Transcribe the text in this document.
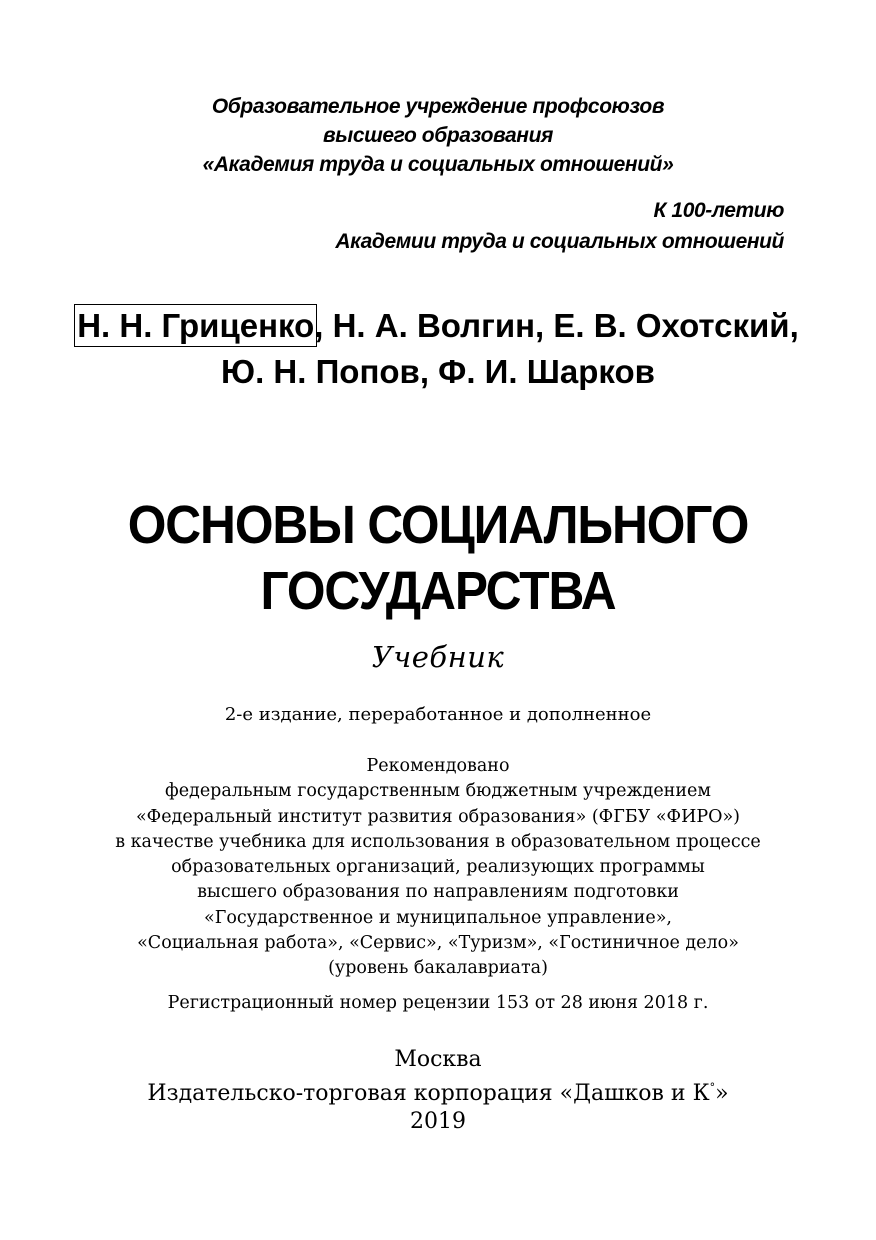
Образовательное учреждение профсоюзов
высшего образования
«Академия труда и социальных отношений»
К 100-летию
Академии труда и социальных отношений
Н. Н. Гриценко, Н. А. Волгин, Е. В. Охотский,
Ю. Н. Попов, Ф. И. Шарков
ОСНОВЫ СОЦИАЛЬНОГО
ГОСУДАРСТВА
Учебник
2-е издание, переработанное и дополненное
Рекомендовано
федеральным государственным бюджетным учреждением
«Федеральный институт развития образования» (ФГБУ «ФИРО»)
в качестве учебника для использования в образовательном процессе
образовательных организаций, реализующих программы
высшего образования по направлениям подготовки
«Государственное и муниципальное управление»,
«Социальная работа», «Сервис», «Туризм», «Гостиничное дело»
(уровень бакалавриата)
Регистрационный номер рецензии 153 от 28 июня 2018 г.
Москва
Издательско-торговая корпорация «Дашков и К°»
2019
